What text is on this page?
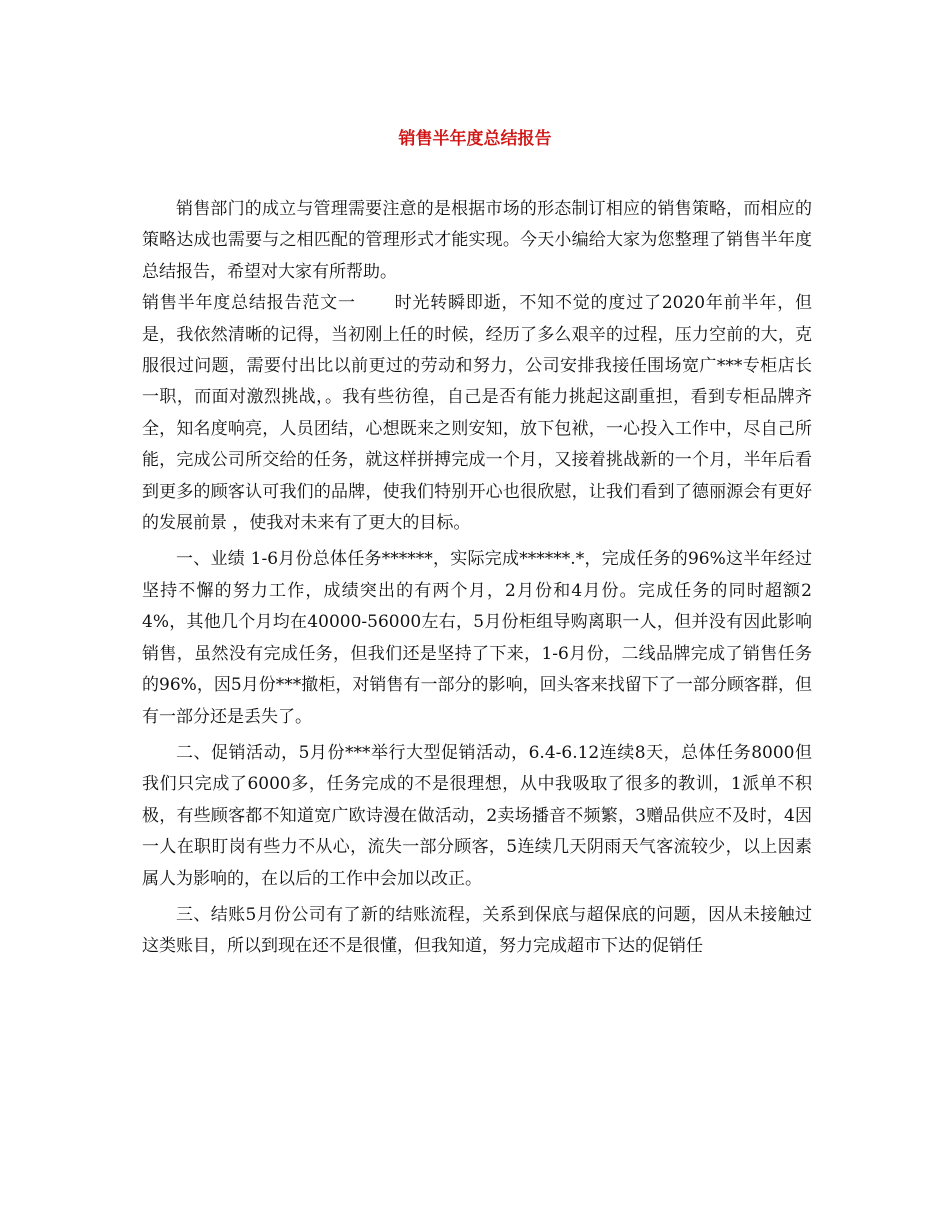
销售半年度总结报告

销售部门的成立与管理需要注意的是根据市场的形态制订相应的销售策略，而相应的策略达成也需要与之相匹配的管理形式才能实现。今天小编给大家为您整理了销售半年度总结报告，希望对大家有所帮助。

销售半年度总结报告范文一 时光转瞬即逝，不知不觉的度过了2020年前半年，但是，我依然清晰的记得，当初刚上任的时候，经历了多么艰辛的过程，压力空前的大，克服很过问题，需要付出比以前更过的劳动和努力，公司安排我接任围场宽广***专柜店长一职，而面对激烈挑战，。我有些彷徨，自己是否有能力挑起这副重担，看到专柜品牌齐全，知名度响亮，人员团结，心想既来之则安知，放下包袱，一心投入工作中，尽自己所能，完成公司所交给的任务，就这样拼搏完成一个月，又接着挑战新的一个月，半年后看到更多的顾客认可我们的品牌，使我们特别开心也很欣慰，让我们看到了德丽源会有更好的发展前景 ，使我对未来有了更大的目标。

一、业绩 1-6月份总体任务******，实际完成******.*，完成任务的96%这半年经过坚持不懈的努力工作，成绩突出的有两个月，2月份和4月份。完成任务的同时超额24%，其他几个月均在40000-56000左右，5月份柜组导购离职一人，但并没有因此影响销售，虽然没有完成任务，但我们还是坚持了下来，1-6月份，二线品牌完成了销售任务的96%，因5月份***撤柜，对销售有一部分的影响，回头客来找留下了一部分顾客群，但有一部分还是丢失了。

二、促销活动，5月份***举行大型促销活动，6.4-6.12连续8天，总体任务8000但我们只完成了6000多，任务完成的不是很理想，从中我吸取了很多的教训，1派单不积极，有些顾客都不知道宽广欧诗漫在做活动，2卖场播音不频繁，3赠品供应不及时，4因一人在职盯岗有些力不从心，流失一部分顾客，5连续几天阴雨天气客流较少，以上因素属人为影响的，在以后的工作中会加以改正。

三、结账5月份公司有了新的结账流程，关系到保底与超保底的问题，因从未接触过这类账目，所以到现在还不是很懂，但我知道，努力完成超市下达的促销任
